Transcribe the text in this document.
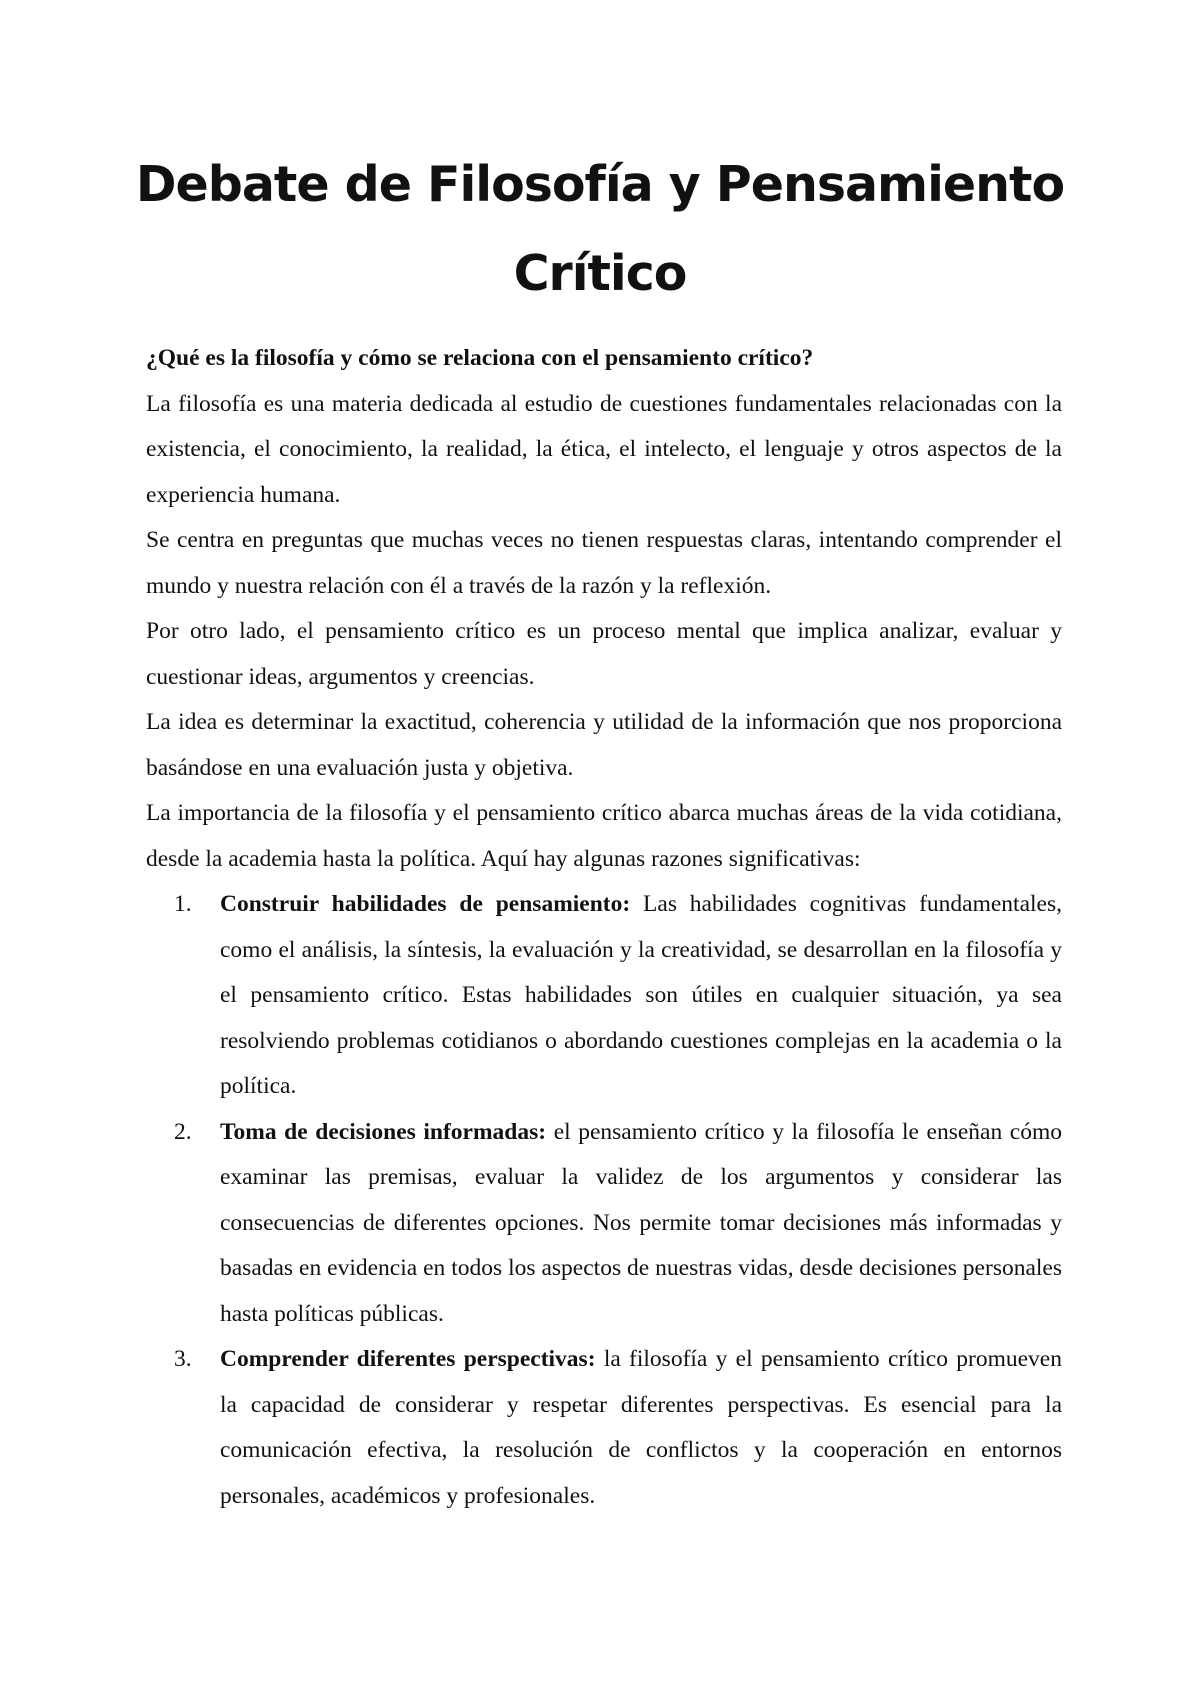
Debate de Filosofía y Pensamiento Crítico

¿Qué es la filosofía y cómo se relaciona con el pensamiento crítico?

La filosofía es una materia dedicada al estudio de cuestiones fundamentales relacionadas con la existencia, el conocimiento, la realidad, la ética, el intelecto, el lenguaje y otros aspectos de la experiencia humana.

Se centra en preguntas que muchas veces no tienen respuestas claras, intentando comprender el mundo y nuestra relación con él a través de la razón y la reflexión.

Por otro lado, el pensamiento crítico es un proceso mental que implica analizar, evaluar y cuestionar ideas, argumentos y creencias.

La idea es determinar la exactitud, coherencia y utilidad de la información que nos proporciona basándose en una evaluación justa y objetiva.

La importancia de la filosofía y el pensamiento crítico abarca muchas áreas de la vida cotidiana, desde la academia hasta la política. Aquí hay algunas razones significativas:

1. Construir habilidades de pensamiento: Las habilidades cognitivas fundamentales, como el análisis, la síntesis, la evaluación y la creatividad, se desarrollan en la filosofía y el pensamiento crítico. Estas habilidades son útiles en cualquier situación, ya sea resolviendo problemas cotidianos o abordando cuestiones complejas en la academia o la política.
2. Toma de decisiones informadas: el pensamiento crítico y la filosofía le enseñan cómo examinar las premisas, evaluar la validez de los argumentos y considerar las consecuencias de diferentes opciones. Nos permite tomar decisiones más informadas y basadas en evidencia en todos los aspectos de nuestras vidas, desde decisiones personales hasta políticas públicas.
3. Comprender diferentes perspectivas: la filosofía y el pensamiento crítico promueven la capacidad de considerar y respetar diferentes perspectivas. Es esencial para la comunicación efectiva, la resolución de conflictos y la cooperación en entornos personales, académicos y profesionales.
